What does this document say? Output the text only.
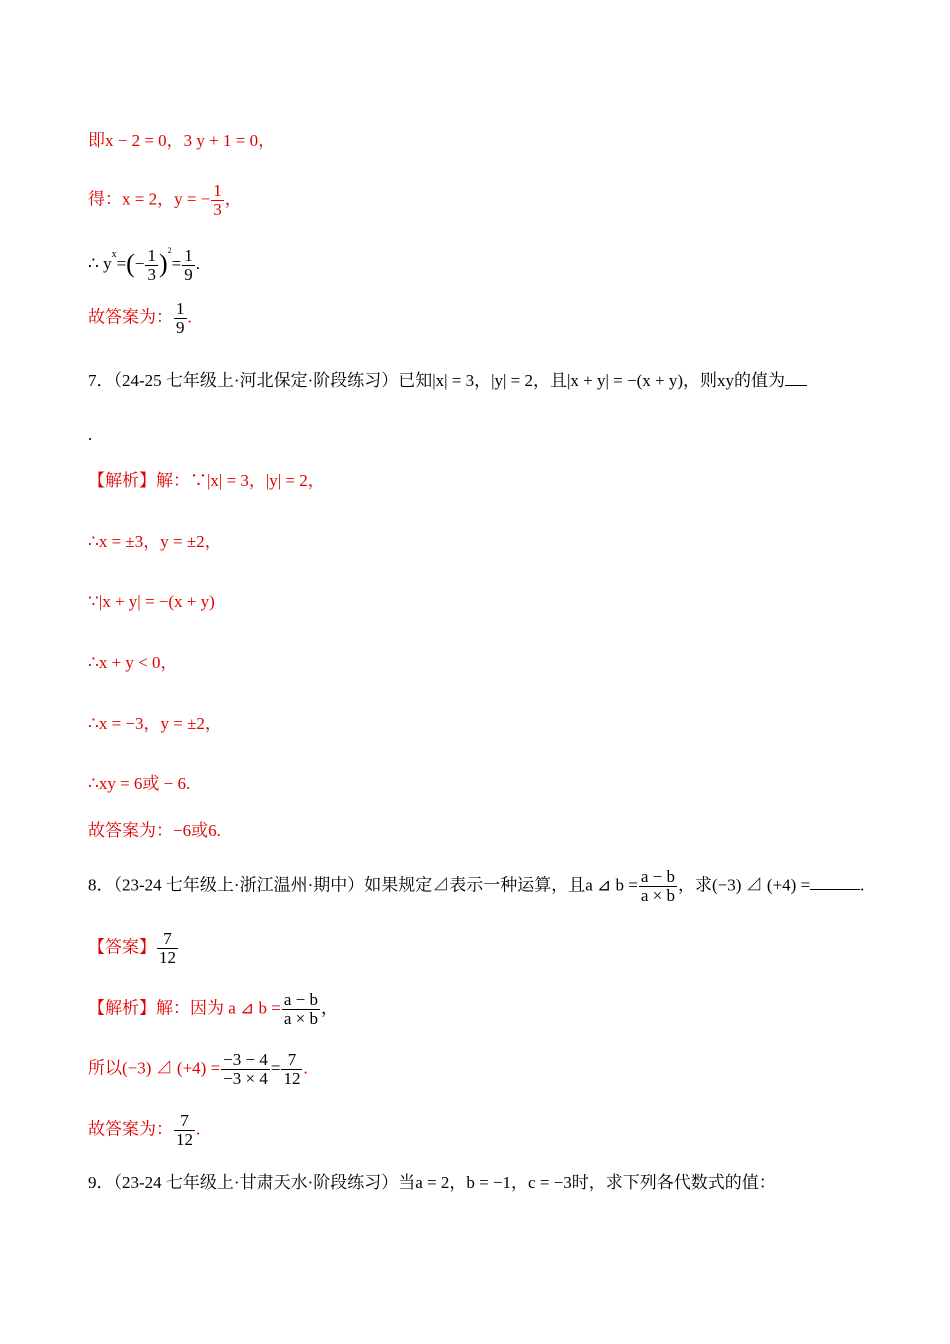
即x − 2 = 0，3 y + 1 = 0，
得：x = 2，y = − $\frac{1}{3}$ ，
∴ $y^x=(- \frac{1}{3} )^2= \frac{1}{9}$ .
故答案为： $\frac{1}{9}$ .
7．（24-25 七年级上·河北保定·阶段练习）已知|x| = 3，|y| = 2，且|x + y| = −(x + y)，则xy的值为
.
【解析】解：∵|x| = 3，|y| = 2，
∴x = ±3，y = ±2，
∵|x + y| = −(x + y)
∴x + y < 0，
∴x = −3，y = ±2，
∴xy = 6或 − 6.
故答案为：−6或6.
8．（23-24 七年级上·浙江温州·期中）如果规定⊿表示一种运算，且a ⊿ $b = \frac{a - b}{a \times b}$ ，求(−3) ⊿ (+4) =	.
【答案】 $\frac{7}{12}$
【解析】解：因为 a ⊿ $b = \frac{a - b}{a \times b}$ ，
所以(−3) ⊿ $(+4) = \frac{-3 - 4}{-3 \times 4} = \frac{7}{12}$ .
故答案为： $\frac{7}{12}$ .
9．（23-24 七年级上·甘肃天水·阶段练习）当a = 2，b = −1，c = −3时，求下列各代数式的值：
